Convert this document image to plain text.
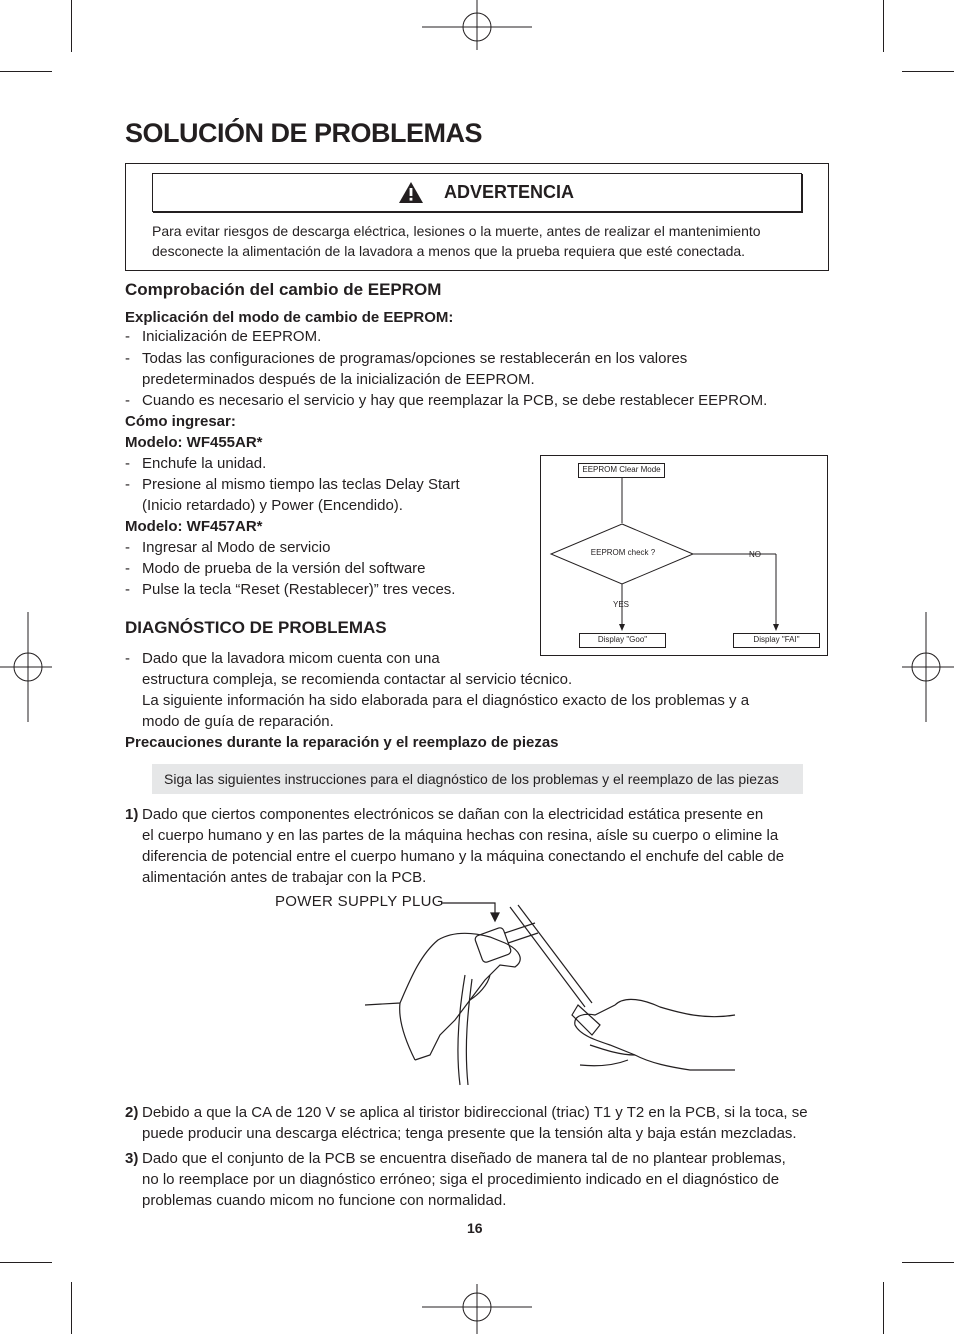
SOLUCIÓN DE PROBLEMAS
ADVERTENCIA
Para evitar riesgos de descarga eléctrica, lesiones o la muerte, antes de realizar el mantenimiento
desconecte la alimentación de la lavadora a menos que la prueba requiera que esté conectada.
Comprobación del cambio de EEPROM
Explicación del modo de cambio de EEPROM:
- Inicialización de EEPROM.
- Todas las configuraciones de programas/opciones se restablecerán en los valores
predeterminados después de la inicialización de EEPROM.
- Cuando es necesario el servicio y hay que reemplazar la PCB, se debe restablecer EEPROM.
Cómo ingresar:
Modelo: WF455AR*
- Enchufe la unidad.
- Presione al mismo tiempo las teclas Delay Start
(Inicio retardado) y Power (Encendido).
Modelo: WF457AR*
- Ingresar al Modo de servicio
- Modo de prueba de la versión del software
- Pulse la tecla “Reset (Restablecer)” tres veces.
EEPROM Clear Mode
EEPROM check ?
YES
NO
Display "Goo"	Display "FAI"
DIAGNÓSTICO DE PROBLEMAS
- Dado que la lavadora micom cuenta con una
estructura compleja, se recomienda contactar al servicio técnico.
La siguiente información ha sido elaborada para el diagnóstico exacto de los problemas y a
modo de guía de reparación.
Precauciones durante la reparación y el reemplazo de piezas
Siga las siguientes instrucciones para el diagnóstico de los problemas y el reemplazo de las piezas
1) Dado que ciertos componentes electrónicos se dañan con la electricidad estática presente en
el cuerpo humano y en las partes de la máquina hechas con resina, aísle su cuerpo o elimine la
diferencia de potencial entre el cuerpo humano y la máquina conectando el enchufe del cable de
alimentación antes de trabajar con la PCB.
POWER SUPPLY PLUG
2) Debido a que la CA de 120 V se aplica al tiristor bidireccional (triac) T1 y T2 en la PCB, si la toca, se
puede producir una descarga eléctrica; tenga presente que la tensión alta y baja están mezcladas.
3) Dado que el conjunto de la PCB se encuentra diseñado de manera tal de no plantear problemas,
no lo reemplace por un diagnóstico erróneo; siga el procedimiento indicado en el diagnóstico de
problemas cuando micom no funcione con normalidad.
16
